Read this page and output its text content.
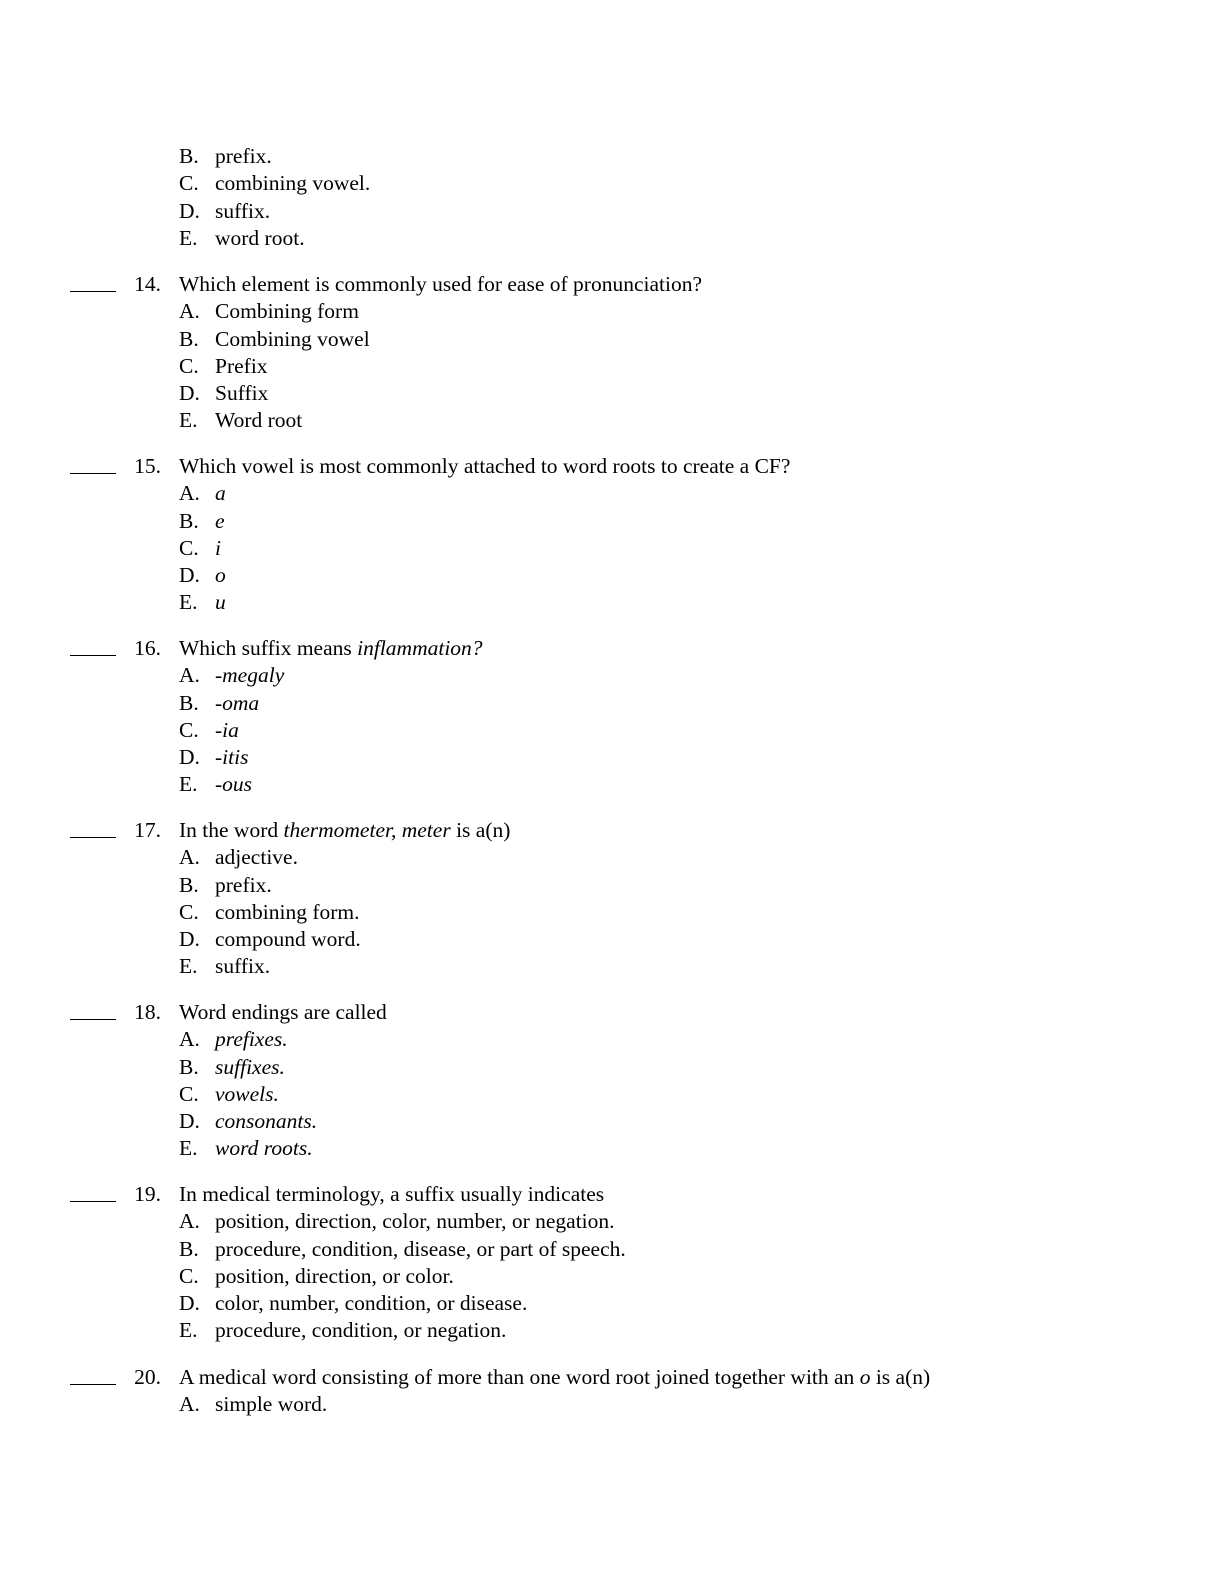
B. prefix.
C. combining vowel.
D. suffix.
E. word root.
14. Which element is commonly used for ease of pronunciation?
A. Combining form
B. Combining vowel
C. Prefix
D. Suffix
E. Word root
15. Which vowel is most commonly attached to word roots to create a CF?
A. a
B. e
C. i
D. o
E. u
16. Which suffix means inflammation?
A. -megaly
B. -oma
C. -ia
D. -itis
E. -ous
17. In the word thermometer, meter is a(n)
A. adjective.
B. prefix.
C. combining form.
D. compound word.
E. suffix.
18. Word endings are called
A. prefixes.
B. suffixes.
C. vowels.
D. consonants.
E. word roots.
19. In medical terminology, a suffix usually indicates
A. position, direction, color, number, or negation.
B. procedure, condition, disease, or part of speech.
C. position, direction, or color.
D. color, number, condition, or disease.
E. procedure, condition, or negation.
20. A medical word consisting of more than one word root joined together with an o is a(n)
A. simple word.
